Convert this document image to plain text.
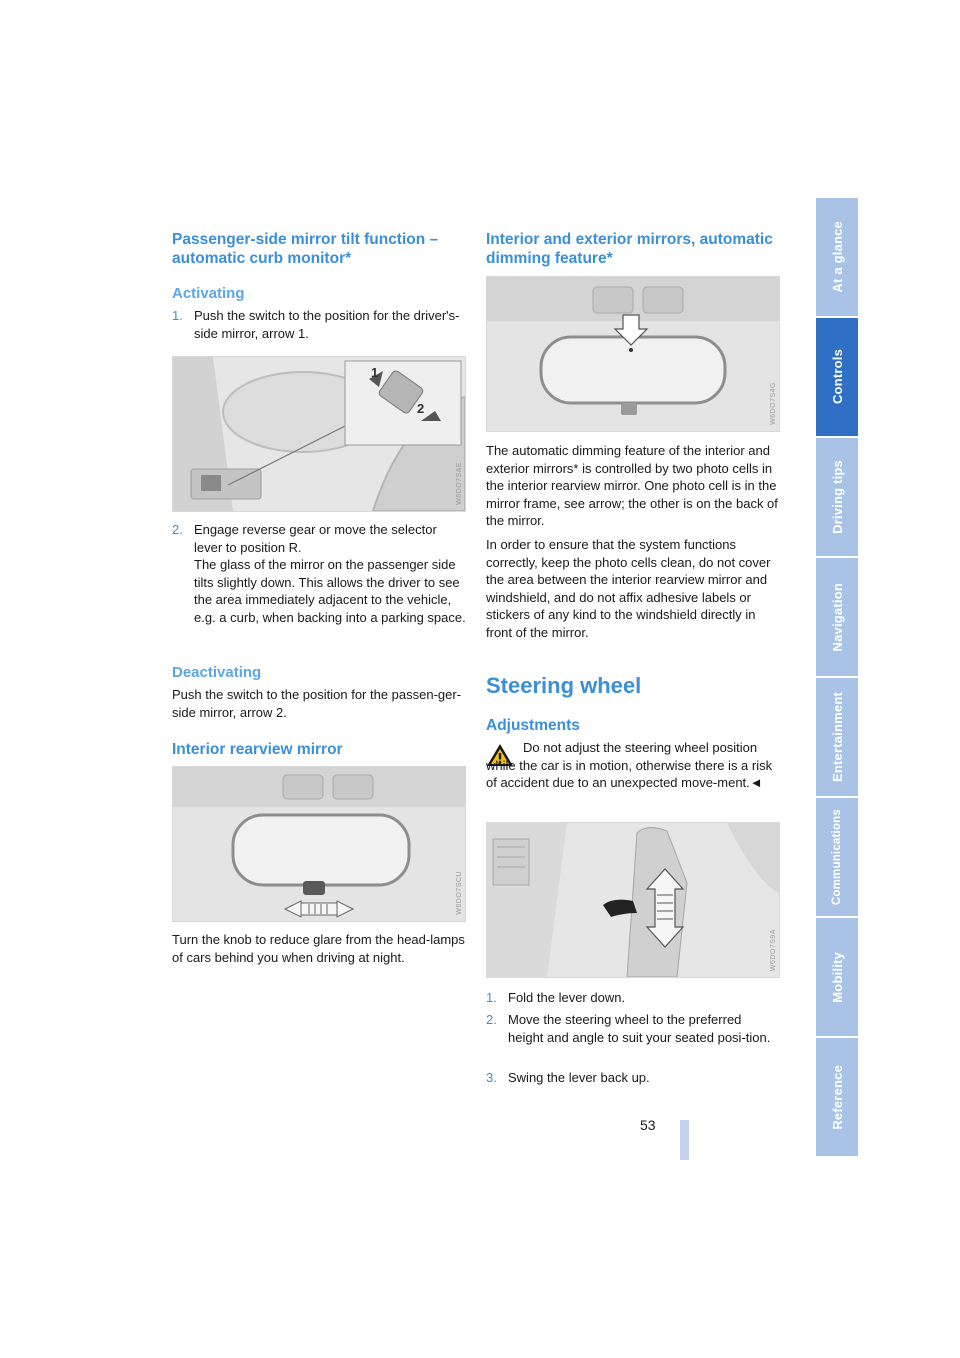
Passenger-side mirror tilt function –
automatic curb monitor*
Activating
1. Push the switch to the position for the driver's-side mirror, arrow 1.
1
2
W6DO7SAE
2. Engage reverse gear or move the selector lever to position R.
The glass of the mirror on the passenger side tilts slightly down. This allows the driver to see the area immediately adjacent to the vehicle, e.g. a curb, when backing into a parking space.
Deactivating

Push the switch to the position for the passen-ger-side mirror, arrow 2.

Interior rearview mirror
W6DO7SCU

Turn the knob to reduce glare from the head-lamps of cars behind you when driving at night.

Interior and exterior mirrors, automatic
dimming feature*
W6DO7S4G

The automatic dimming feature of the interior and exterior mirrors* is controlled by two photo cells in the interior rearview mirror. One photo cell is in the mirror frame, see arrow; the other is on the back of the mirror.

In order to ensure that the system functions correctly, keep the photo cells clean, do not cover the area between the interior rearview mirror and windshield, and do not affix adhesive labels or stickers of any kind to the windshield directly in front of the mirror.

Steering wheel
Adjustments

Do not adjust the steering wheel position while the car is in motion, otherwise there is a risk of accident due to an unexpected move-ment.◄

W6DO7S9A
1. Fold the lever down.
2. Move the steering wheel to the preferred height and angle to suit your seated posi-tion.
3. Swing the lever back up.
At a glance
Controls
Driving tips
Navigation
Entertainment
Communications
Mobility
Reference
53
